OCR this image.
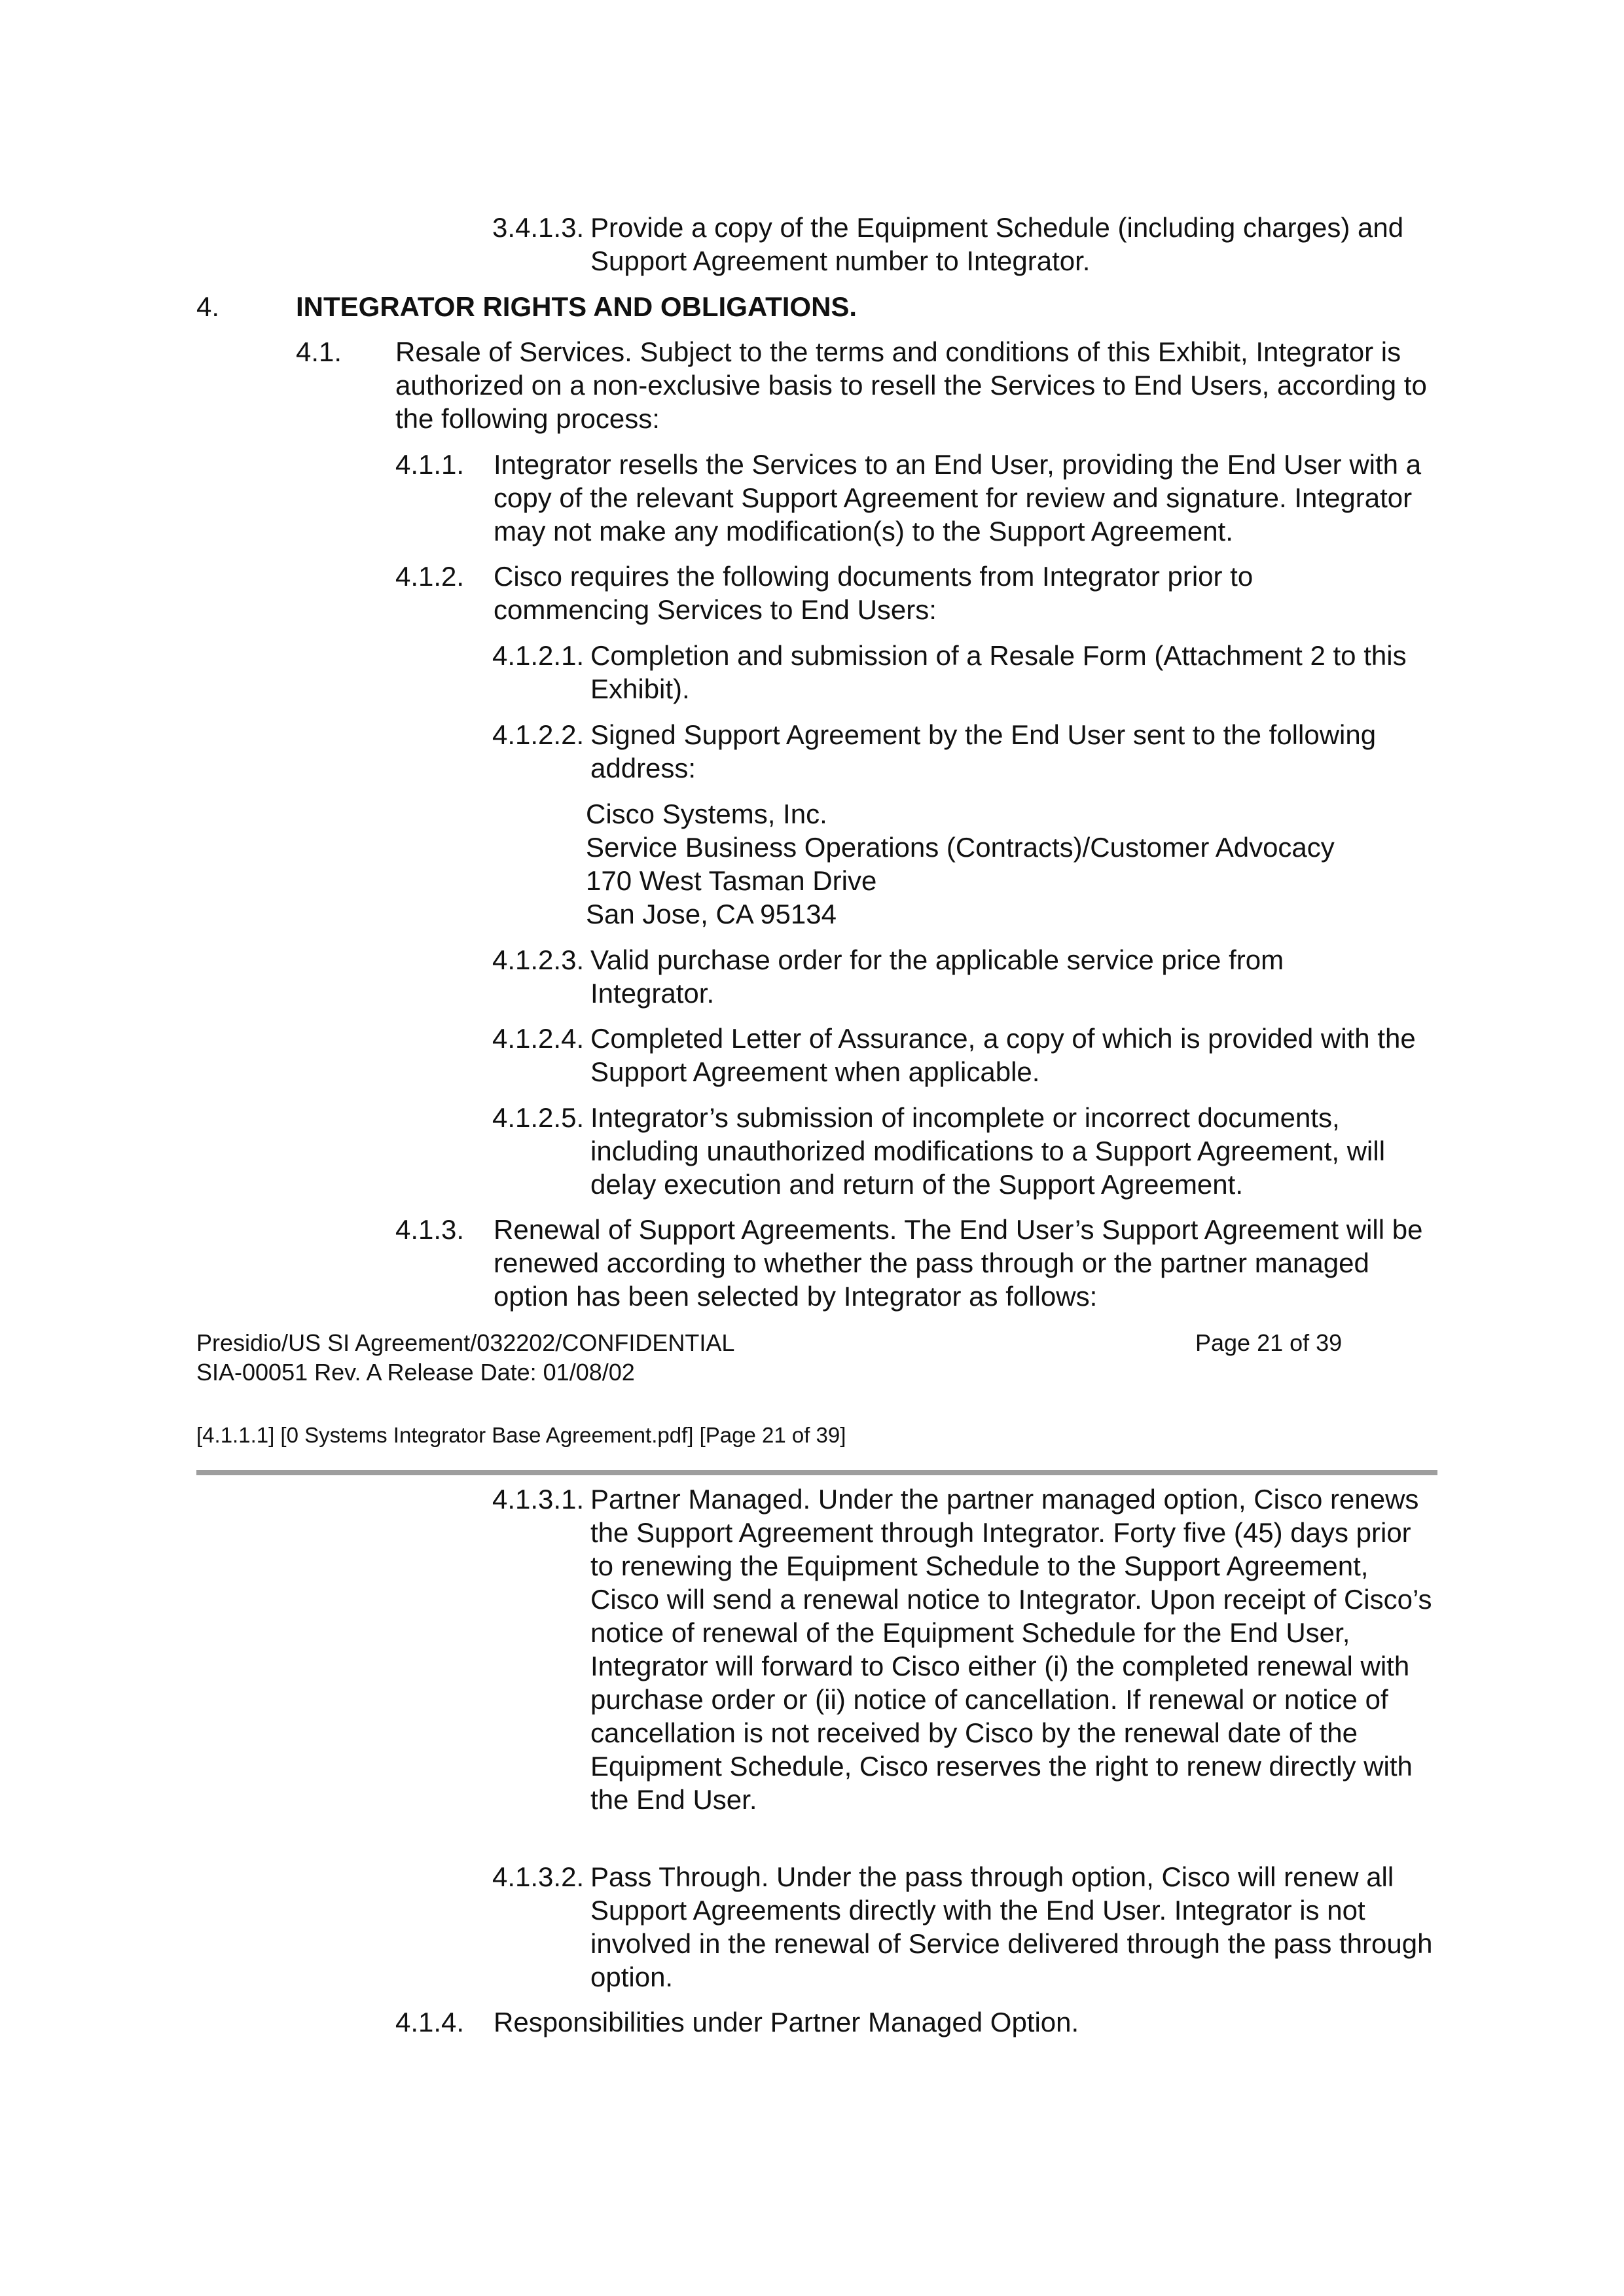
3.4.1.3. Provide a copy of the Equipment Schedule (including charges) and Support Agreement number to Integrator.
4.	INTEGRATOR RIGHTS AND OBLIGATIONS.
4.1. Resale of Services. Subject to the terms and conditions of this Exhibit, Integrator is authorized on a non-exclusive basis to resell the Services to End Users, according to the following process:
4.1.1. Integrator resells the Services to an End User, providing the End User with a copy of the relevant Support Agreement for review and signature. Integrator may not make any modification(s) to the Support Agreement.
4.1.2. Cisco requires the following documents from Integrator prior to commencing Services to End Users:
4.1.2.1. Completion and submission of a Resale Form (Attachment 2 to this Exhibit).
4.1.2.2. Signed Support Agreement by the End User sent to the following address:
Cisco Systems, Inc.
Service Business Operations (Contracts)/Customer Advocacy
170 West Tasman Drive
San Jose, CA 95134
4.1.2.3. Valid purchase order for the applicable service price from Integrator.
4.1.2.4. Completed Letter of Assurance, a copy of which is provided with the Support Agreement when applicable.
4.1.2.5. Integrator’s submission of incomplete or incorrect documents, including unauthorized modifications to a Support Agreement, will delay execution and return of the Support Agreement.
4.1.3. Renewal of Support Agreements. The End User’s Support Agreement will be renewed according to whether the pass through or the partner managed option has been selected by Integrator as follows:
Presidio/US SI Agreement/032202/CONFIDENTIAL
SIA-00051 Rev. A Release Date: 01/08/02
Page 21 of 39
[4.1.1.1] [0 Systems Integrator Base Agreement.pdf] [Page 21 of 39]
4.1.3.1. Partner Managed. Under the partner managed option, Cisco renews the Support Agreement through Integrator. Forty five (45) days prior to renewing the Equipment Schedule to the Support Agreement, Cisco will send a renewal notice to Integrator. Upon receipt of Cisco’s notice of renewal of the Equipment Schedule for the End User, Integrator will forward to Cisco either (i) the completed renewal with purchase order or (ii) notice of cancellation. If renewal or notice of cancellation is not received by Cisco by the renewal date of the Equipment Schedule, Cisco reserves the right to renew directly with the End User.
4.1.3.2. Pass Through. Under the pass through option, Cisco will renew all Support Agreements directly with the End User. Integrator is not involved in the renewal of Service delivered through the pass through option.
4.1.4. Responsibilities under Partner Managed Option.
